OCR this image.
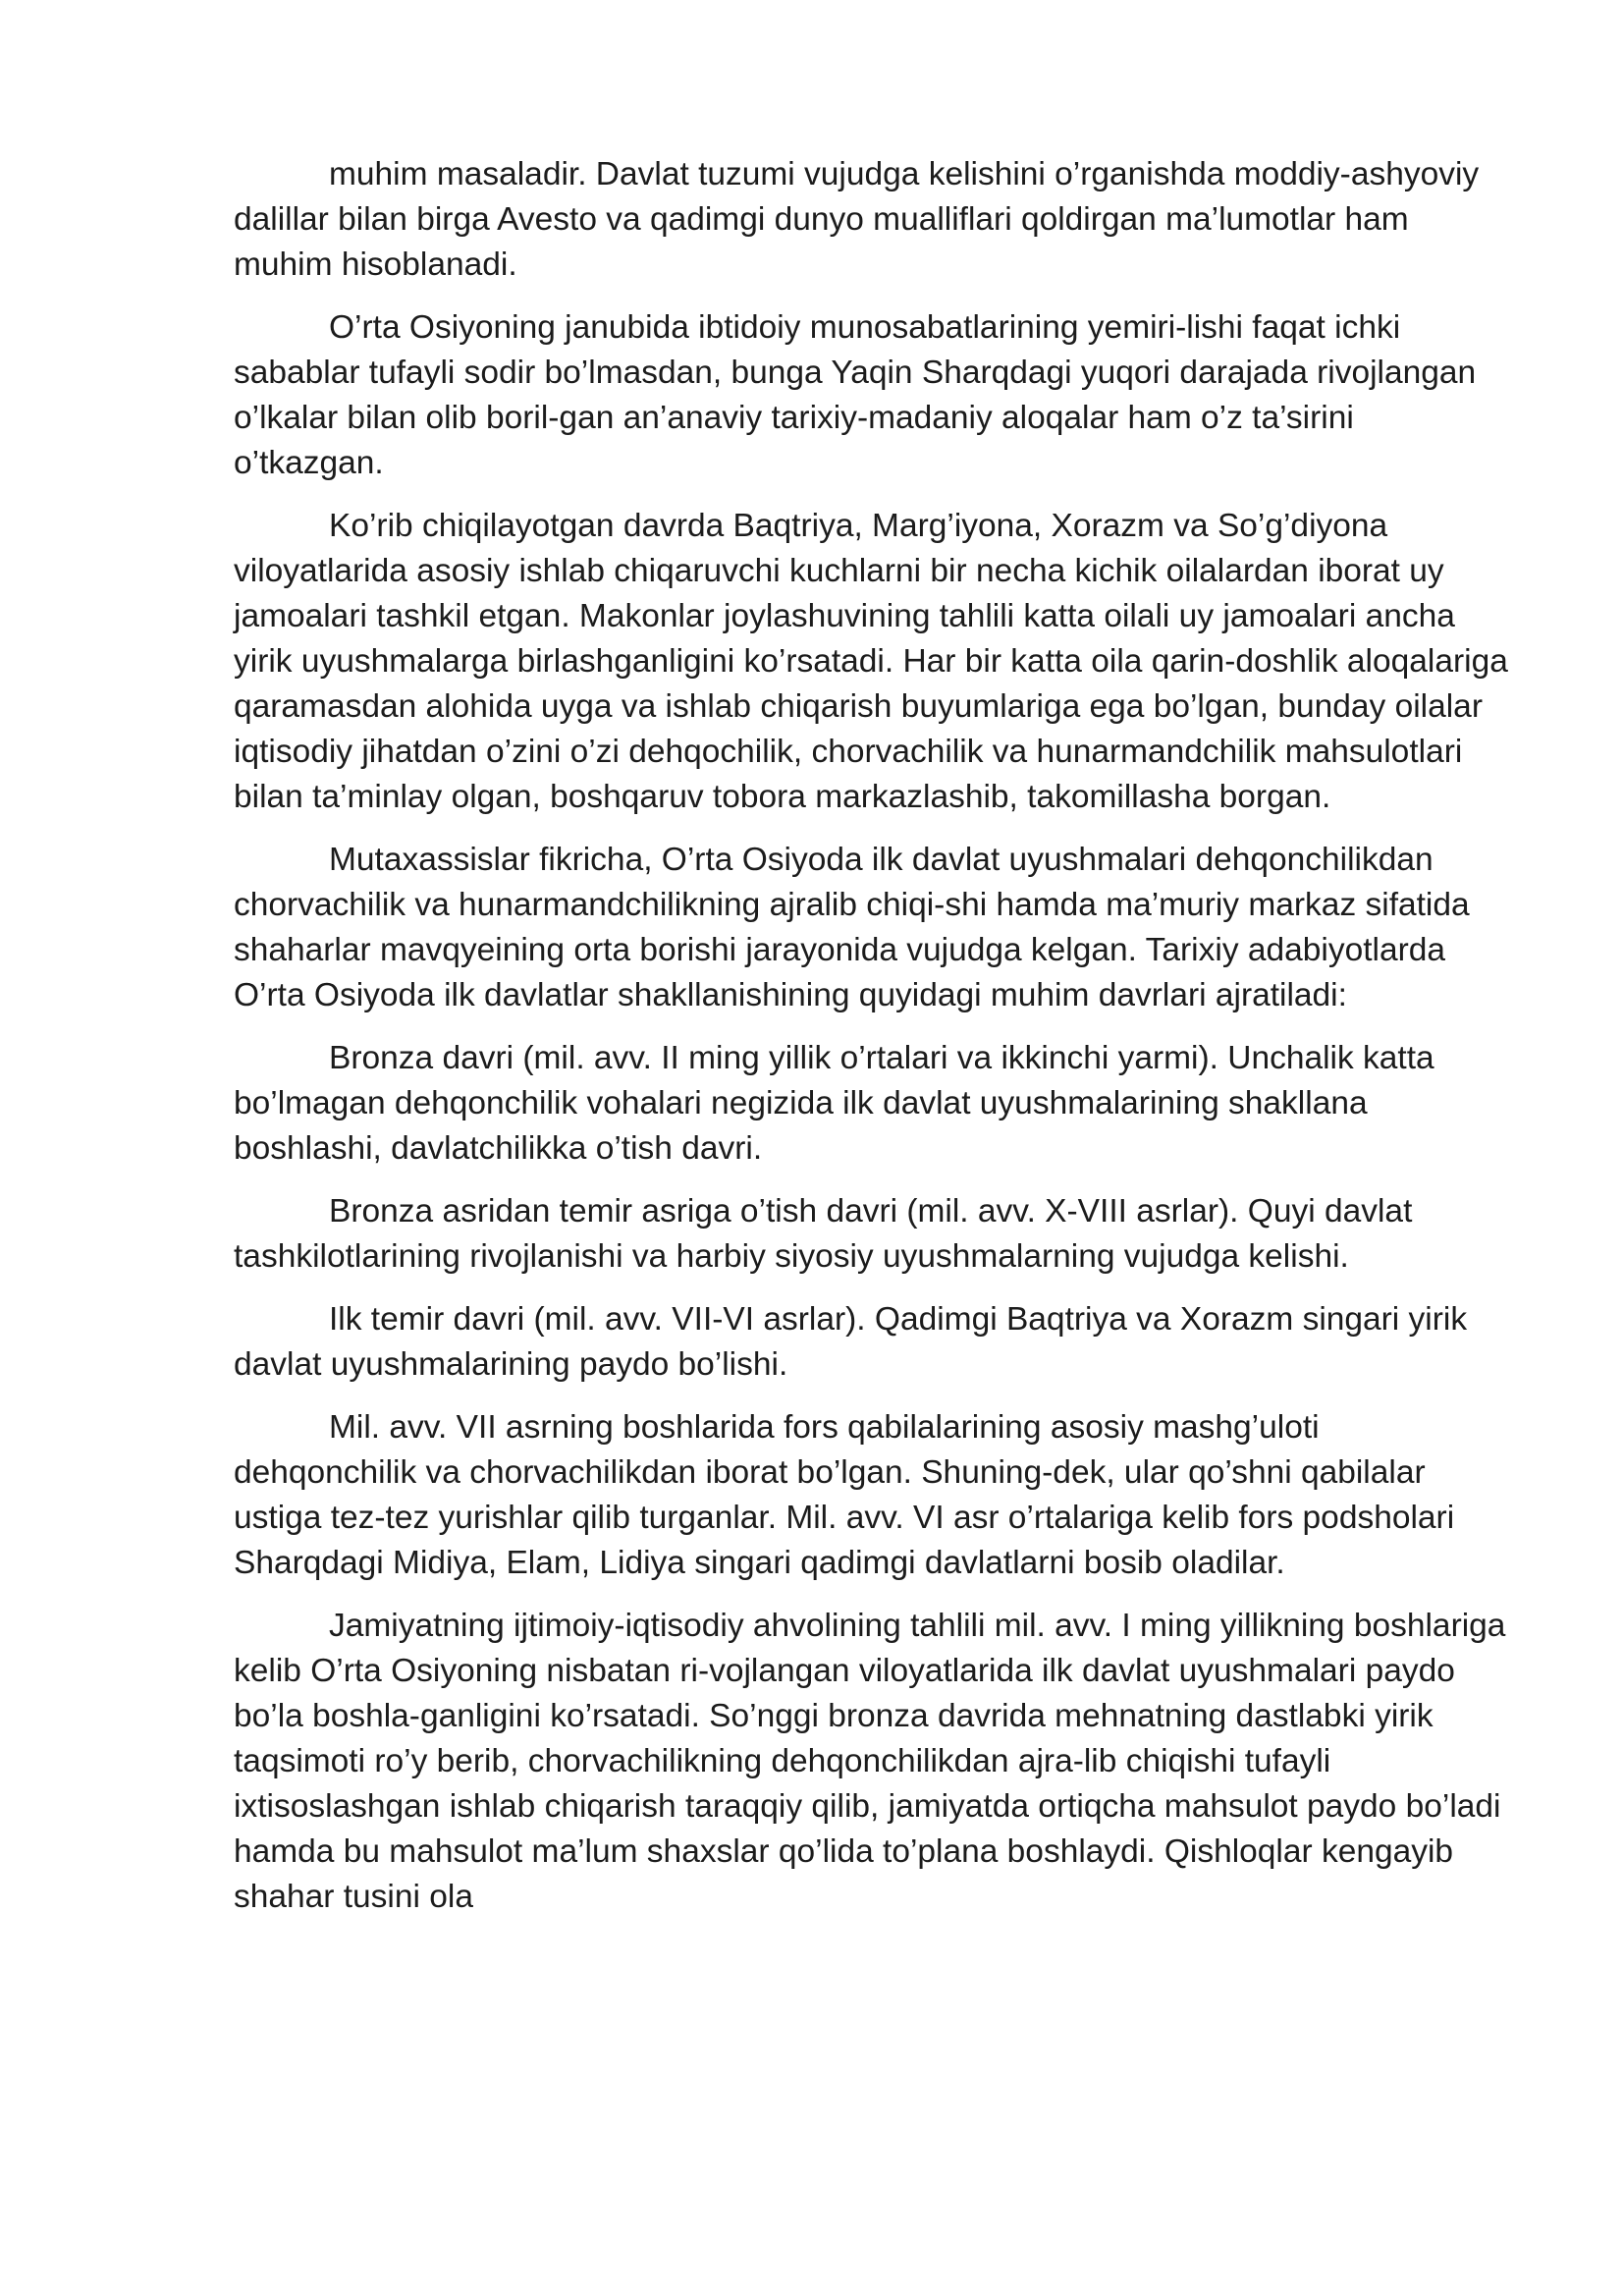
muhim masaladir. Davlat tuzumi vujudga kelishini o’rganishda moddiy-ashyoviy dalillar bilan birga Avesto va qadimgi dunyo mualliflari qoldirgan ma’lumotlar ham muhim hisoblanadi.

O’rta Osiyoning janubida ibtidoiy munosabatlarining yemiri-lishi faqat ichki sabablar tufayli sodir bo’lmasdan, bunga Yaqin Sharqdagi yuqori darajada rivojlangan o’lkalar bilan olib boril-gan an’anaviy tarixiy-madaniy aloqalar ham o’z ta’sirini o’tkazgan.

Ko’rib chiqilayotgan davrda Baqtriya, Marg’iyona, Xorazm va So’g’diyona viloyatlarida asosiy ishlab chiqaruvchi kuchlarni bir necha kichik oilalardan iborat uy jamoalari tashkil etgan. Makonlar joylashuvining tahlili katta oilali uy jamoalari ancha yirik uyushmalarga birlashganligini ko’rsatadi. Har bir katta oila qarin-doshlik aloqalariga qaramasdan alohida uyga va ishlab chiqarish buyumlariga ega bo’lgan, bunday oilalar iqtisodiy jihatdan o’zini o’zi dehqochilik, chorvachilik va hunarmandchilik mahsulotlari bilan ta’minlay olgan, boshqaruv tobora markazlashib, takomillasha borgan.

Mutaxassislar fikricha, O’rta Osiyoda ilk davlat uyushmalari dehqonchilikdan chorvachilik va hunarmandchilikning ajralib chiqi-shi hamda ma’muriy markaz sifatida shaharlar mavqyeining orta borishi jarayonida vujudga kelgan. Tarixiy adabiyotlarda O’rta Osiyoda ilk davlatlar shakllanishining quyidagi muhim davrlari ajratiladi:

Bronza davri (mil. avv. II ming yillik o’rtalari va ikkinchi yarmi). Unchalik katta bo’lmagan dehqonchilik vohalari negizida ilk davlat uyushmalarining shakllana boshlashi, davlatchilikka o’tish davri.

Bronza asridan temir asriga o’tish davri (mil. avv. X-VIII asrlar). Quyi davlat tashkilotlarining rivojlanishi va harbiy siyosiy uyushmalarning vujudga kelishi.

Ilk temir davri (mil. avv. VII-VI asrlar). Qadimgi Baqtriya va Xorazm singari yirik davlat uyushmalarining paydo bo’lishi.

Mil. avv. VII asrning boshlarida fors qabilalarining asosiy mashg’uloti dehqonchilik va chorvachilikdan iborat bo’lgan. Shuning-dek, ular qo’shni qabilalar ustiga tez-tez yurishlar qilib turganlar. Mil. avv. VI asr o’rtalariga kelib fors podsholari Sharqdagi Midiya, Elam, Lidiya singari qadimgi davlatlarni bosib oladilar.

Jamiyatning ijtimoiy-iqtisodiy ahvolining tahlili mil. avv. I ming yillikning boshlariga kelib O’rta Osiyoning nisbatan ri-vojlangan viloyatlarida ilk davlat uyushmalari paydo bo’la boshla-ganligini ko’rsatadi. So’nggi bronza davrida mehnatning dastlabki yirik taqsimoti ro’y berib, chorvachilikning dehqonchilikdan ajra-lib chiqishi tufayli ixtisoslashgan ishlab chiqarish taraqqiy qilib, jamiyatda ortiqcha mahsulot paydo bo’ladi hamda bu mahsulot ma’lum shaxslar qo’lida to’plana boshlaydi. Qishloqlar kengayib shahar tusini ola
